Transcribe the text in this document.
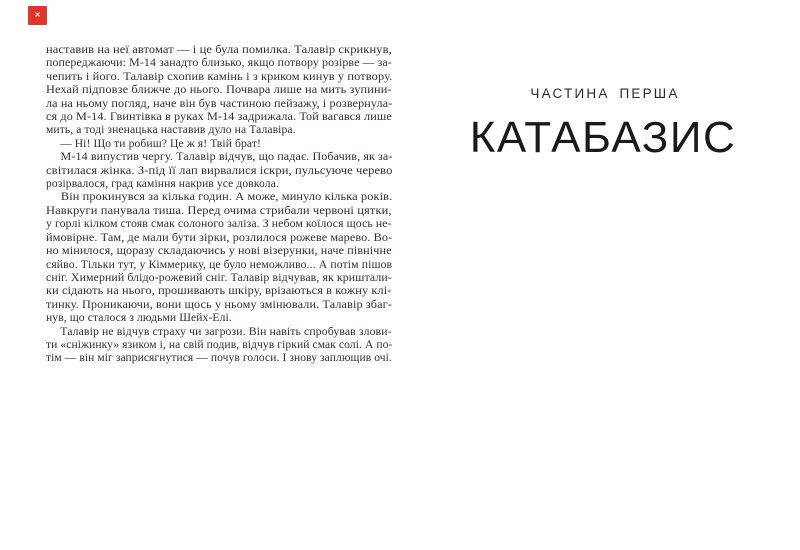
✕
наставив на неї автомат — і це була помилка. Талавір скрикнув,
попереджаючи: М-14 занадто близько, якщо потвору розірве — за-
чепить і його. Талавір схопив камінь і з криком кинув у потвору.
Нехай підповзе ближче до нього. Почвара лише на мить зупини-
ла на ньому погляд, наче він був частиною пейзажу, і розвернула-
ся до М-14. Гвинтівка в руках М-14 задрижала. Той вагався лише
мить, а тоді зненацька наставив дуло на Талавіра.
— Ні! Що ти робиш? Це ж я! Твій брат!
М-14 випустив чергу. Талавір відчув, що падає. Побачив, як за-
світилася жінка. З-під її лап вирвалися іскри, пульсуюче черево
розірвалося, град каміння накрив усе довкола.
Він прокинувся за кілька годин. А може, минуло кілька років.
Навкруги панувала тиша. Перед очима стрибали червоні цятки,
у горлі кілком стояв смак солоного заліза. З небом коїлося щось не-
ймовірне. Там, де мали бути зірки, розлилося рожеве марево. Во-
но мінилося, щоразу складаючись у нові візерунки, наче північне
сяйво. Тільки тут, у Кіммерику, це було неможливо... А потім пішов
сніг. Химерний блідо-рожевий сніг. Талавір відчував, як криштали-
ки сідають на нього, прошивають шкіру, врізаються в кожну клі-
тинку. Проникаючи, вони щось у ньому змінювали. Талавір збаг-
нув, що сталося з людьми Шейх-Елі.
Талавір не відчув страху чи загрози. Він навіть спробував злови-
ти «сніжинку» язиком і, на свій подив, відчув гіркий смак солі. А по-
тім — він міг заприсягнутися — почув голоси. І знову заплющив очі.
ЧАСТИНА ПЕРША
КАТАБАЗИС
